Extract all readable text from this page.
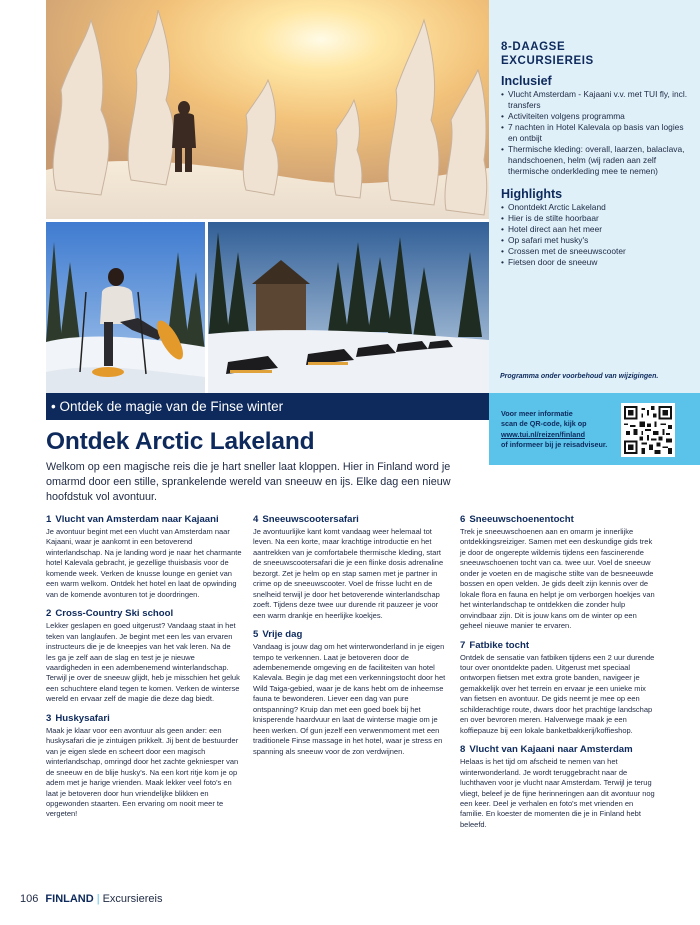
8-DAAGSE
EXCURSIEREIS
Inclusief
• Vlucht Amsterdam - Kajaani v.v. met TUI fly, incl. transfers
• Activiteiten volgens programma
• 7 nachten in Hotel Kalevala op basis van logies en ontbijt
• Thermische kleding: overall, laarzen, balaclava, handschoenen, helm (wij raden aan zelf thermische onderkleding mee te nemen)
Highlights
• Onontdekt Arctic Lakeland
• Hier is de stilte hoorbaar
• Hotel direct aan het meer
• Op safari met husky's
• Crossen met de sneeuwscooter
• Fietsen door de sneeuw
Programma onder voorbehoud van wijzigingen.
Voor meer informatie
scan de QR-code, kijk op
www.tui.nl/reizen/finland
of informeer bij je reisadviseur.
• Ontdek de magie van de Finse winter
Ontdek Arctic Lakeland

Welkom op een magische reis die je hart sneller laat kloppen. Hier in Finland word je omarmd door een stille, sprankelende wereld van sneeuw en ijs. Elke dag een nieuw hoofdstuk vol avontuur.

1 Vlucht van Amsterdam naar Kajaani

Je avontuur begint met een vlucht van Amsterdam naar Kajaani, waar je aankomt in een betoverend winterlandschap. Na je landing word je naar het charmante hotel Kalevala gebracht, je gezellige thuisbasis voor de komende week. Verken de knusse lounge en geniet van een warm welkom. Ontdek het hotel en laat de opwinding van de komende avonturen tot je doordringen.

2 Cross-Country Ski school

Lekker geslapen en goed uitgerust? Vandaag staat in het teken van langlaufen. Je begint met een les van ervaren instructeurs die je de kneepjes van het vak leren. Na de les ga je zelf aan de slag en test je je nieuwe vaardigheden in een adembenemend winterlandschap. Terwijl je over de sneeuw glijdt, heb je misschien het geluk een schuchtere eland tegen te komen. Verken de winterse wereld en ervaar zelf de magie die deze dag biedt.

3 Huskysafari

Maak je klaar voor een avontuur als geen ander: een huskysafari die je zintuigen prikkelt. Jij bent de bestuurder van je eigen slede en scheert door een magisch winterlandschap, omringd door het zachte gekniesper van de sneeuw en de blije husky's. Na een kort ritje kom je op adem met je harige vrienden. Maak lekker veel foto's en laat je betoveren door hun vriendelijke blikken en opgewonden staarten. Een ervaring om nooit meer te vergeten!

4 Sneeuwscootersafari

Je avontuurlijke kant komt vandaag weer helemaal tot leven. Na een korte, maar krachtige introductie en het aantrekken van je comfortabele thermische kleding, start de sneeuwscootersafari die je een flinke dosis adrenaline bezorgt. Zet je helm op en stap samen met je partner in crime op de sneeuwscooter. Voel de frisse lucht en de snelheid terwijl je door het betoverende winterlandschap zoeft. Tijdens deze twee uur durende rit pauzeer je voor een warm drankje en heerlijke koekjes.

5 Vrije dag

Vandaag is jouw dag om het winterwonderland in je eigen tempo te verkennen. Laat je betoveren door de adembenemende omgeving en de faciliteiten van hotel Kalevala. Begin je dag met een verkenningstocht door het Wild Taiga-gebied, waar je de kans hebt om de inheemse fauna te bewonderen. Liever een dag van pure ontspanning? Kruip dan met een goed boek bij het knisperende haardvuur en laat de winterse magie om je heen werken. Of gun jezelf een verwenmoment met een traditionele Finse massage in het hotel, waar je stress en spanning als sneeuw voor de zon verdwijnen.

6 Sneeuwschoenentocht

Trek je sneeuwschoenen aan en omarm je innerlijke ontdekkingsreiziger. Samen met een deskundige gids trek je door de ongerepte wildernis tijdens een fascinerende sneeuwschoenen tocht van ca. twee uur. Voel de sneeuw onder je voeten en de magische stilte van de besneeuwde bossen en open velden. Je gids deelt zijn kennis over de lokale flora en fauna en helpt je om verborgen hoekjes van het winterlandschap te ontdekken die zonder hulp onvindbaar zijn. Dit is jouw kans om de winter op een geheel nieuwe manier te ervaren.

7 Fatbike tocht

Ontdek de sensatie van fatbiken tijdens een 2 uur durende tour over onontdekte paden. Uitgerust met speciaal ontworpen fietsen met extra grote banden, navigeer je gemakkelijk over het terrein en ervaar je een unieke mix van fietsen en avontuur. De gids neemt je mee op een schilderachtige route, dwars door het prachtige landschap en over bevroren meren. Halverwege maak je een koffiepauze bij een lokale banketbakkerij/koffieshop.

8 Vlucht van Kajaani naar Amsterdam

Helaas is het tijd om afscheid te nemen van het winterwonderland. Je wordt teruggebracht naar de luchthaven voor je vlucht naar Amsterdam. Terwijl je terug vliegt, beleef je de fijne herinneringen aan dit avontuur nog een keer. Deel je verhalen en foto's met vrienden en familie. En koester de momenten die je in Finland hebt beleefd.

106 FINLAND | Excursiereis
